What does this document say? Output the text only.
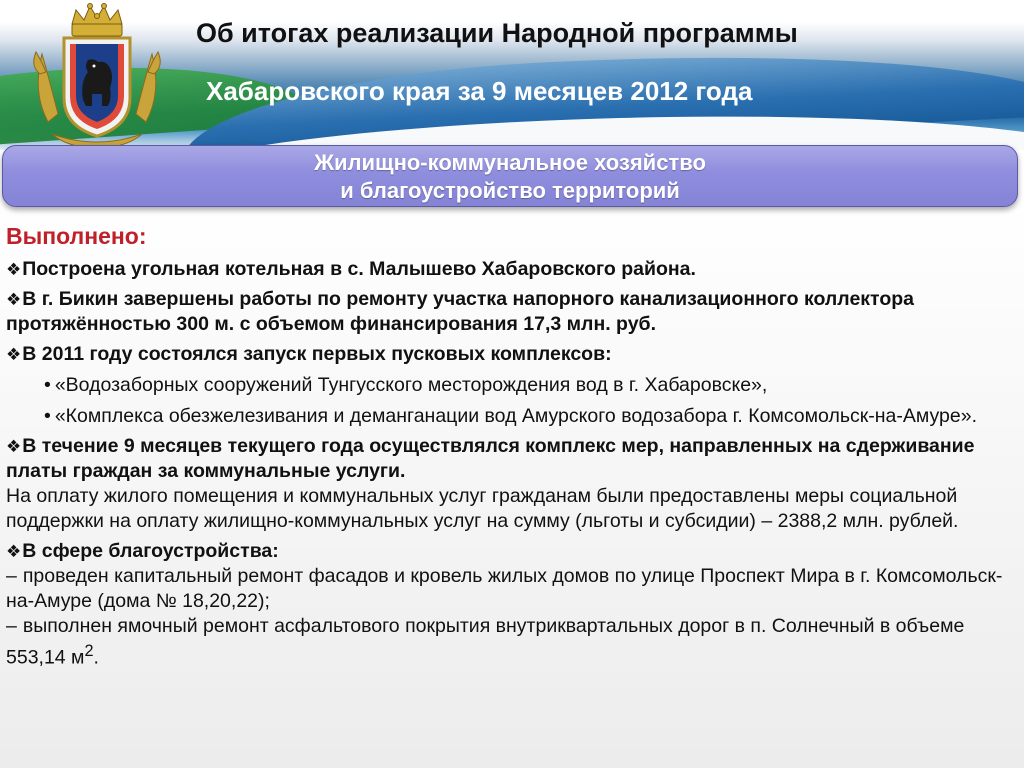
Об итогах реализации Народной программы
Хабаровского края за 9 месяцев 2012 года
Жилищно-коммунальное хозяйство
и благоустройство территорий
Выполнено:
❖Построена угольная котельная в с. Малышево Хабаровского района.
❖В г. Бикин завершены работы по ремонту участка напорного канализационного коллектора протяжённостью 300 м. с объемом финансирования 17,3 млн. руб.
❖В 2011 году состоялся запуск первых пусковых комплексов:
• «Водозаборных сооружений Тунгусского месторождения вод в г. Хабаровске»,
• «Комплекса обезжелезивания и деманганации вод Амурского водозабора г. Комсомольск-на-Амуре».
❖В течение 9 месяцев текущего года осуществлялся комплекс мер, направленных на сдерживание платы граждан за коммунальные услуги.
На оплату жилого помещения и коммунальных услуг гражданам были предоставлены меры социальной поддержки на оплату жилищно-коммунальных услуг на сумму (льготы и субсидии) – 2388,2 млн. рублей.
❖В сфере благоустройства:
– проведен капитальный ремонт фасадов и кровель жилых домов по улице Проспект Мира в г. Комсомольск-на-Амуре (дома № 18,20,22);
– выполнен ямочный ремонт асфальтового покрытия внутриквартальных дорог в п. Солнечный в объеме 553,14 $м^2$.
